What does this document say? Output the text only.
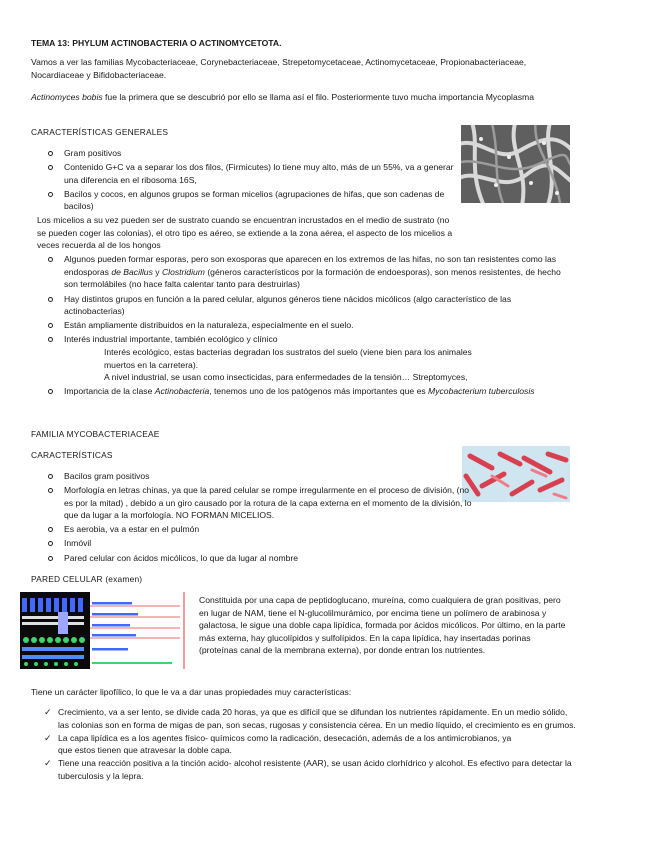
TEMA 13: PHYLUM ACTINOBACTERIA O ACTINOMYCETOTA.
Vamos a ver las familias Mycobacteriaceae, Corynebacteriaceae, Strepetomycetaceae, Actinomycetaceae, Propionabacteriaceae, Nocardiaceae y Bifidobacteriaceae.
Actinomyces bobis fue la primera que se descubrió por ello se llama así el filo. Posteriormente tuvo mucha importancia Mycoplasma
CARACTERÍSTICAS GENERALES
Gram positivos
Contenido G+C va a separar los dos filos, (Firmicutes) lo tiene muy alto, más de un 55%, va a generar una diferencia en el ribosoma 16S,
Bacilos y cocos, en algunos grupos se forman micelios (agrupaciones de hifas, que son cadenas de bacilos)
Los micelios a su vez pueden ser de sustrato cuando se encuentran incrustados en el medio de sustrato (no se pueden coger las colonias), el otro tipo es aéreo, se extiende a la zona aérea, el aspecto de los micelios a veces recuerda al de los hongos
Algunos pueden formar esporas, pero son exosporas que aparecen en los extremos de las hifas, no son tan resistentes como las endosporas de Bacillus y Clostridium (géneros característicos por la formación de endoesporas), son menos resistentes, de hecho son termolábiles (no hace falta calentar tanto para destruirlas)
Hay distintos grupos en función a la pared celular, algunos géneros tiene nácidos micólicos (algo característico de las actinobacterias)
Están ampliamente distribuidos en la naturaleza, especialmente en el suelo.
Interés industrial importante, también ecológico y clínico
Interés ecológico, estas bacterias degradan los sustratos del suelo (viene bien para los animales muertos en la carretera).
A nivel industrial, se usan como insecticidas, para enfermedades de la tensión… Streptomyces,
Importancia de la clase Actinobacteria, tenemos uno de los patógenos más importantes que es Mycobacterium tuberculosis
FAMILIA MYCOBACTERIACEAE
CARACTERÍSTICAS
Bacilos gram positivos
Morfología en letras chinas, ya que la pared celular se rompe irregularmente en el proceso de división, (no es por la mitad) , debido a un giro causado por la rotura de la capa externa en el momento de la división, lo que da lugar a la morfología. NO FORMAN MICELIOS.
Es aerobia, va a estar en el pulmón
Inmóvil
Pared celular con ácidos micólicos, lo que da lugar al nombre
PARED CELULAR (examen)
Constituida por una capa de peptidoglucano, mureína, como cualquiera de gran positivas, pero en lugar de NAM, tiene el N-glucolilmurámico, por encima tiene un polímero de arabinosa y galactosa, le sigue una doble capa lipídica, formada por ácidos micólicos. Por último, en la parte más externa, hay glucolípidos y sulfolípidos. En la capa lipídica, hay insertadas porinas (proteínas canal de la membrana externa), por donde entran los nutrientes.
Tiene un carácter lipofílico, lo que le va a dar unas propiedades muy características:
✓ Crecimiento, va a ser lento, se divide cada 20 horas, ya que es difícil que se difundan los nutrientes rápidamente. En un medio sólido, las colonias son en forma de migas de pan, son secas, rugosas y consistencia cérea. En un medio líquido, el crecimiento es en grumos.
✓ La capa lipídica es a los agentes físico- químicos como la radicación, desecación, además de a los antimicrobianos, ya que estos tienen que atravesar la doble capa.
✓ Tiene una reacción positiva a la tinción acido- alcohol resistente (AAR), se usan ácido clorhídrico y alcohol. Es efectivo para detectar la tuberculosis y la lepra.
